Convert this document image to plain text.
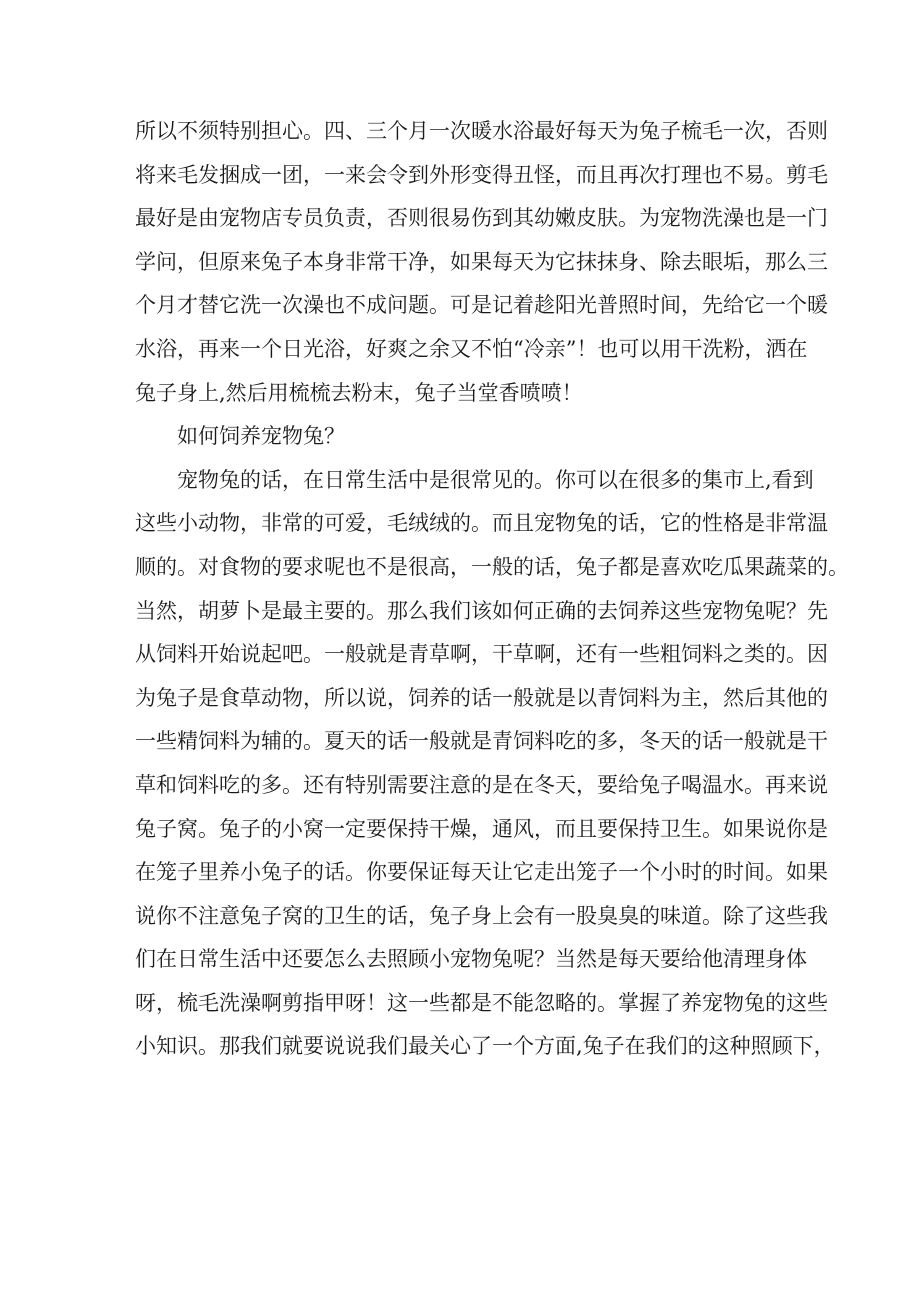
所以不须特别担心。四、三个月一次暖水浴最好每天为兔子梳毛一次，否则
将来毛发捆成一团，一来会令到外形变得丑怪，而且再次打理也不易。剪毛
最好是由宠物店专员负责，否则很易伤到其幼嫩皮肤。为宠物洗澡也是一门
学问，但原来兔子本身非常干净，如果每天为它抹抹身、除去眼垢，那么三
个月才替它洗一次澡也不成问题。可是记着趁阳光普照时间，先给它一个暖
水浴，再来一个日光浴，好爽之余又不怕“冷亲”！也可以用干洗粉，洒在
兔子身上,然后用梳梳去粉末，兔子当堂香喷喷！
如何饲养宠物兔？
宠物兔的话，在日常生活中是很常见的。你可以在很多的集市上,看到
这些小动物，非常的可爱，毛绒绒的。而且宠物兔的话，它的性格是非常温
顺的。对食物的要求呢也不是很高，一般的话，兔子都是喜欢吃瓜果蔬菜的。
当然，胡萝卜是最主要的。那么我们该如何正确的去饲养这些宠物兔呢？先
从饲料开始说起吧。一般就是青草啊，干草啊，还有一些粗饲料之类的。因
为兔子是食草动物，所以说，饲养的话一般就是以青饲料为主，然后其他的
一些精饲料为辅的。夏天的话一般就是青饲料吃的多，冬天的话一般就是干
草和饲料吃的多。还有特别需要注意的是在冬天，要给兔子喝温水。再来说
兔子窝。兔子的小窝一定要保持干燥，通风，而且要保持卫生。如果说你是
在笼子里养小兔子的话。你要保证每天让它走出笼子一个小时的时间。如果
说你不注意兔子窝的卫生的话，兔子身上会有一股臭臭的味道。除了这些我
们在日常生活中还要怎么去照顾小宠物兔呢？当然是每天要给他清理身体
呀，梳毛洗澡啊剪指甲呀！这一些都是不能忽略的。掌握了养宠物兔的这些
小知识。那我们就要说说我们最关心了一个方面,兔子在我们的这种照顾下，
